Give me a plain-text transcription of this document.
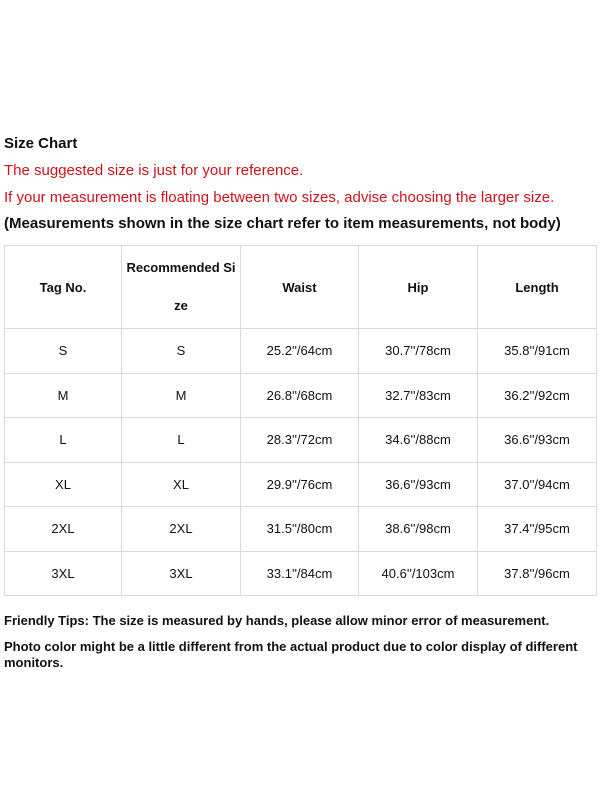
Size Chart
The suggested size is just for your reference.
If your measurement is floating between two sizes, advise choosing the larger size.
(Measurements shown in the size chart refer to item measurements, not body)
Tag No.	Recommended Size	Waist	Hip	Length
S	S	25.2''/64cm	30.7''/78cm	35.8''/91cm
M	M	26.8''/68cm	32.7''/83cm	36.2''/92cm
L	L	28.3''/72cm	34.6''/88cm	36.6''/93cm
XL	XL	29.9''/76cm	36.6''/93cm	37.0''/94cm
2XL	2XL	31.5''/80cm	38.6''/98cm	37.4''/95cm
3XL	3XL	33.1''/84cm	40.6''/103cm	37.8''/96cm
Friendly Tips: The size is measured by hands, please allow minor error of measurement.
Photo color might be a little different from the actual product due to color display of different monitors.
